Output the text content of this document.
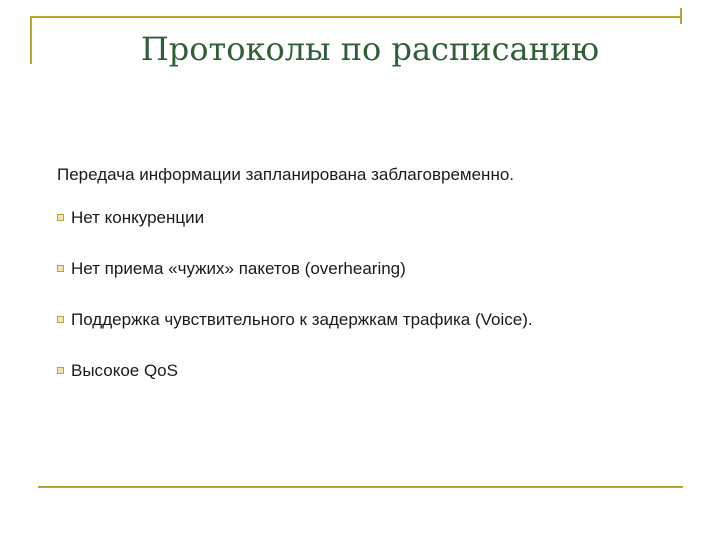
Протоколы по расписанию

Передача информации запланирована заблаговременно.

Нет конкуренции
Нет приема «чужих» пакетов (overhearing)
Поддержка чувствительного к задержкам трафика (Voice).
Высокое QoS
